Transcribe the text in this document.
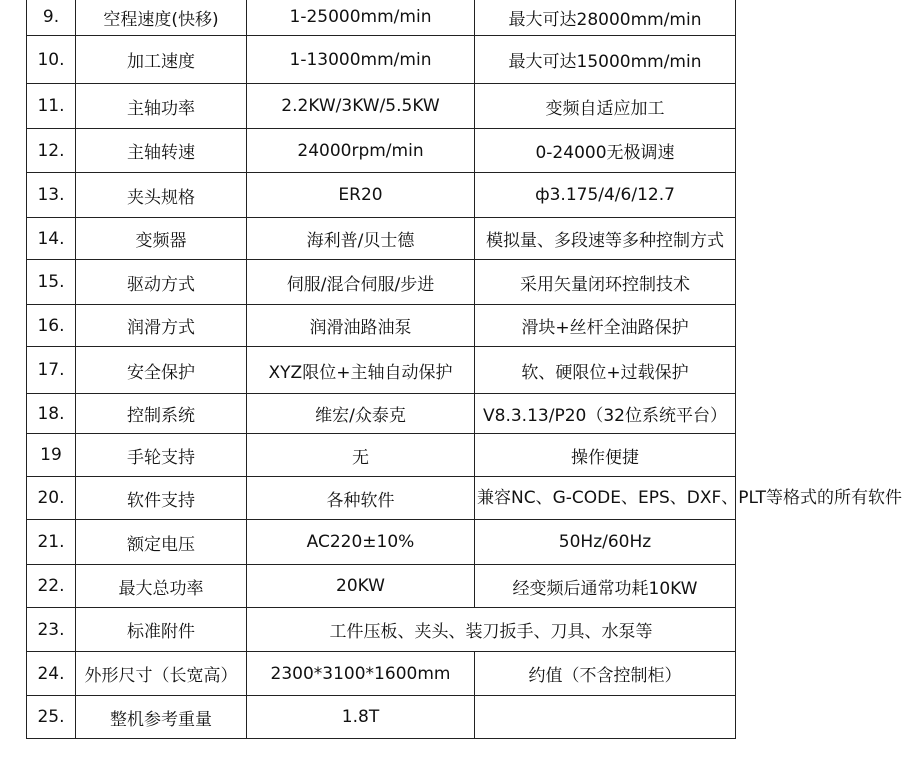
9.	空程速度(快移)	1-25000mm/min	最大可达28000mm/min
10.	加工速度	1-13000mm/min	最大可达15000mm/min
11.	主轴功率	2.2KW/3KW/5.5KW	变频自适应加工
12.	主轴转速	24000rpm/min	0-24000无极调速
13.	夹头规格	ER20	ф3.175/4/6/12.7
14.	变频器	海利普/贝士德	模拟量、多段速等多种控制方式
15.	驱动方式	伺服/混合伺服/步进	采用矢量闭环控制技术
16.	润滑方式	润滑油路油泵	滑块+丝杆全油路保护
17.	安全保护	XYZ限位+主轴自动保护	软、硬限位+过载保护
18.	控制系统	维宏/众泰克	V8.3.13/P20（32位系统平台）
19	手轮支持	无	操作便捷
20.	软件支持	各种软件	兼容NC、G-CODE、EPS、DXF、PLT等格式的所有软件
21.	额定电压	AC220±10%	50Hz/60Hz
22.	最大总功率	20KW	经变频后通常功耗10KW
23.	标准附件	工件压板、夹头、装刀扳手、刀具、水泵等	
24.	外形尺寸（长宽高）	2300*3100*1600mm	约值（不含控制柜）
25.	整机参考重量	1.8T	
